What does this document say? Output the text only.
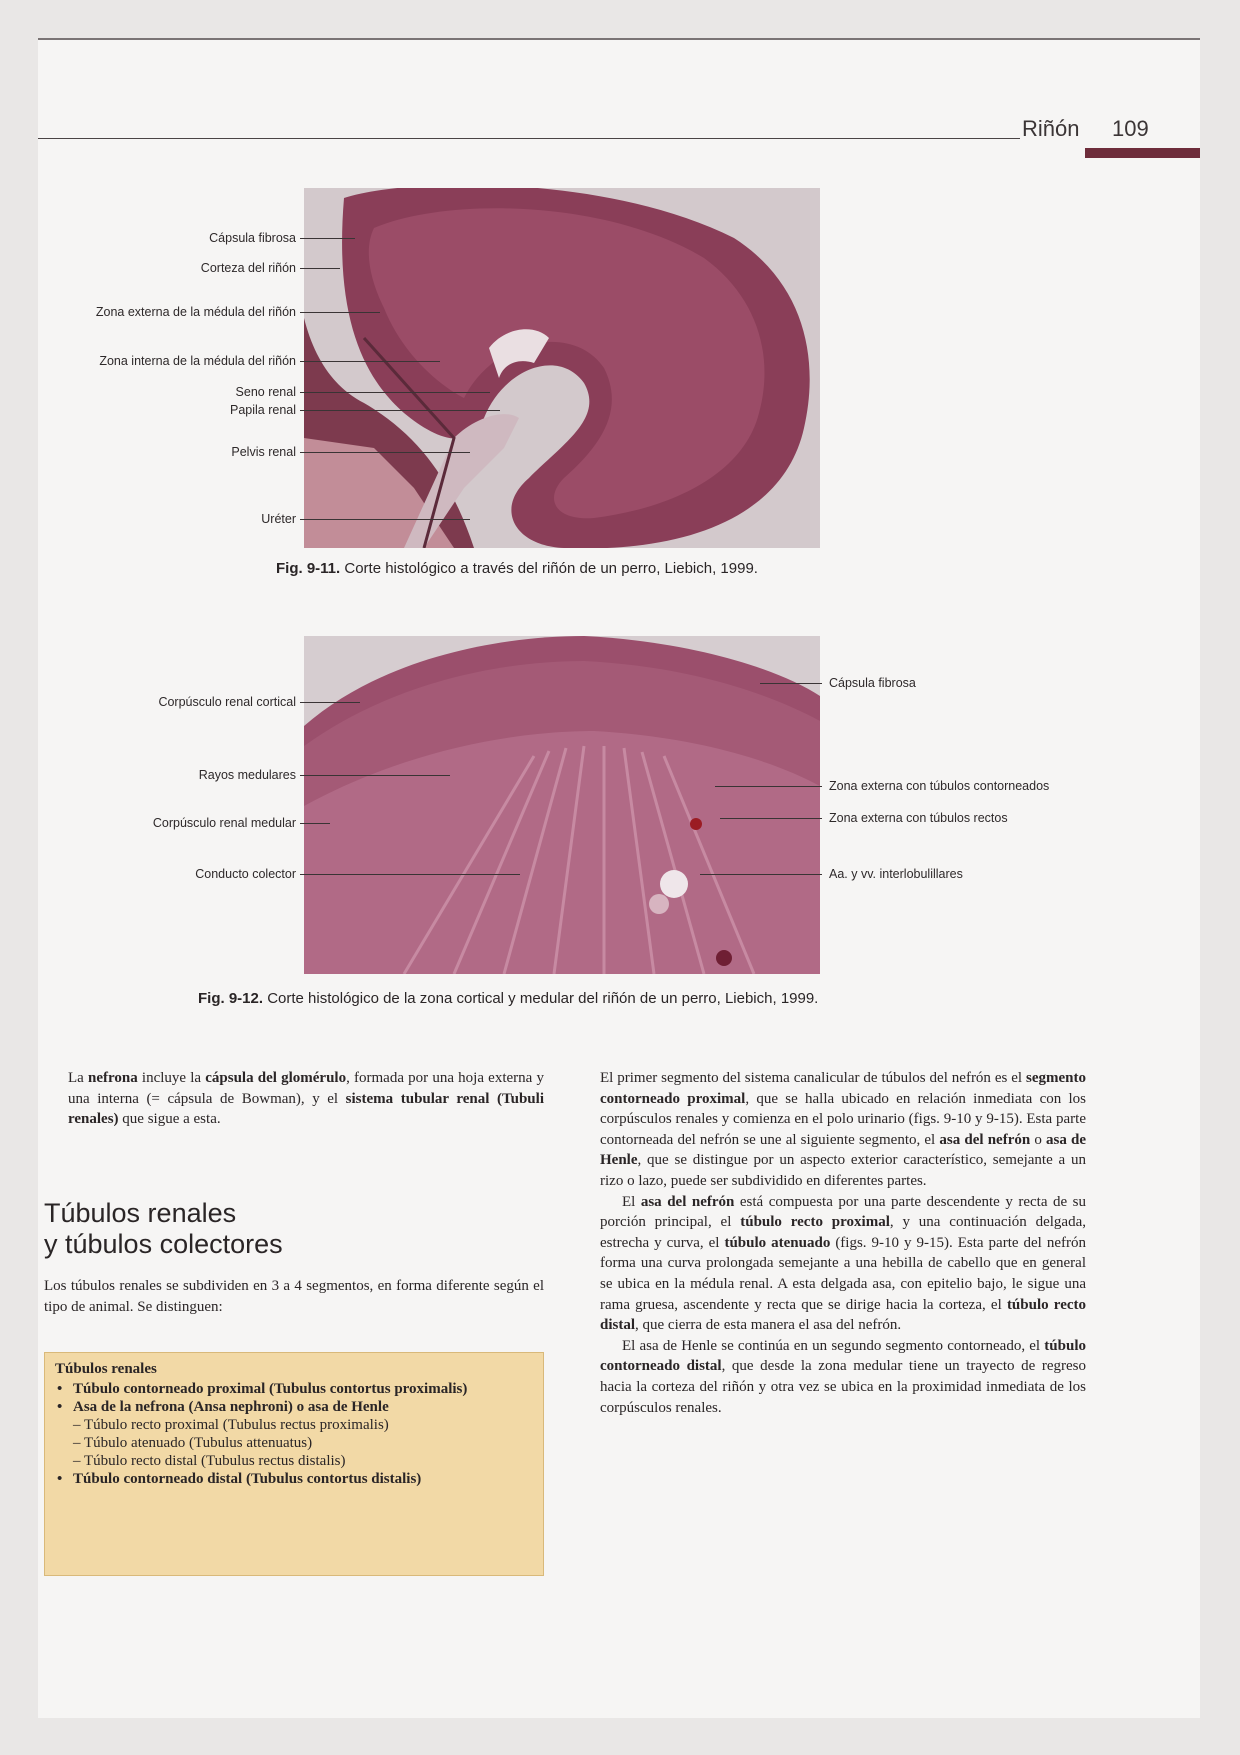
Riñón 109
Cápsula fibrosa
Corteza del riñón
Zona externa de la médula del riñón
Zona interna de la médula del riñón
Seno renal
Papila renal
Pelvis renal
Uréter
Fig. 9-11. Corte histológico a través del riñón de un perro, Liebich, 1999.
Corpúsculo renal cortical
Rayos medulares
Corpúsculo renal medular
Conducto colector
Cápsula fibrosa
Zona externa con túbulos contorneados
Zona externa con túbulos rectos
Aa. y vv. interlobulillares
Fig. 9-12. Corte histológico de la zona cortical y medular del riñón de un perro, Liebich, 1999.

La nefrona incluye la cápsula del glomérulo, formada por una hoja externa y una interna (= cápsula de Bowman), y el sistema tubular renal (Tubuli renales) que sigue a esta.

Túbulos renales
y túbulos colectores

Los túbulos renales se subdividen en 3 a 4 segmentos, en forma diferente según el tipo de animal. Se distinguen:

Túbulos renales

• Túbulo contorneado proximal (Tubulus contortus proximalis)
• Asa de la nefrona (Ansa nephroni) o asa de Henle
– Túbulo recto proximal (Tubulus rectus proximalis)
– Túbulo atenuado (Tubulus attenuatus)
– Túbulo recto distal (Tubulus rectus distalis)
• Túbulo contorneado distal (Tubulus contortus distalis)

El primer segmento del sistema canalicular de túbulos del nefrón es el segmento contorneado proximal, que se halla ubicado en relación inmediata con los corpúsculos renales y comienza en el polo urinario (figs. 9-10 y 9-15). Esta parte contorneada del nefrón se une al siguiente segmento, el asa del nefrón o asa de Henle, que se distingue por un aspecto exterior característico, semejante a un rizo o lazo, puede ser subdividido en diferentes partes.

El asa del nefrón está compuesta por una parte descendente y recta de su porción principal, el túbulo recto proximal, y una continuación delgada, estrecha y curva, el túbulo atenuado (figs. 9-10 y 9-15). Esta parte del nefrón forma una curva prolongada semejante a una hebilla de cabello que en general se ubica en la médula renal. A esta delgada asa, con epitelio bajo, le sigue una rama gruesa, ascendente y recta que se dirige hacia la corteza, el túbulo recto distal, que cierra de esta manera el asa del nefrón.

El asa de Henle se continúa en un segundo segmento contorneado, el túbulo contorneado distal, que desde la zona medular tiene un trayecto de regreso hacia la corteza del riñón y otra vez se ubica en la proximidad inmediata de los corpúsculos renales.
